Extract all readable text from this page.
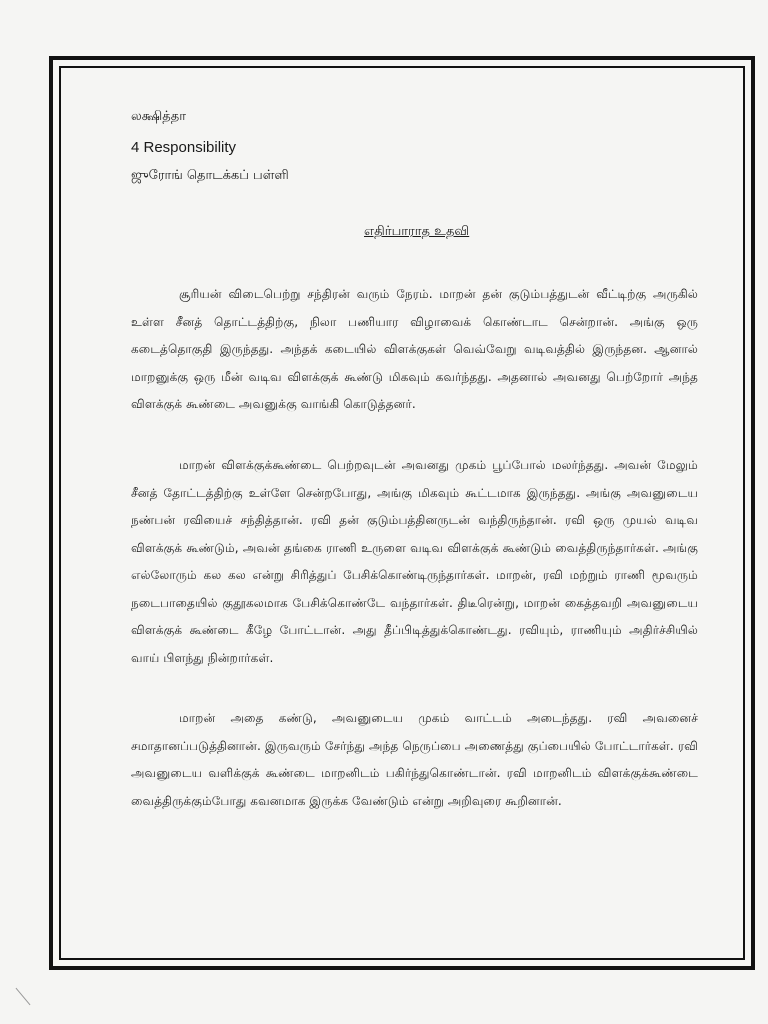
லக்ஷித்தா
4 Responsibility
ஜுரோங் தொடக்கப் பள்ளி
எதிர்பாராத உதவி

சூரியன் விடைபெற்று சந்திரன் வரும் நேரம். மாறன் தன் குடும்பத்துடன் வீட்டிற்கு அருகில் உள்ள சீனத் தொட்டத்திற்கு, நிலா பணியார விழாவைக் கொண்டாட சென்றான். அங்கு ஒரு கடைத்தொகுதி இருந்தது. அந்தக் கடையில் விளக்குகள் வெவ்வேறு வடிவத்தில் இருந்தன. ஆனால் மாறனுக்கு ஒரு மீன் வடிவ விளக்குக் கூண்டு மிகவும் கவர்ந்தது. அதனால் அவனது பெற்றோர் அந்த விளக்குக் கூண்டை அவனுக்கு வாங்கி கொடுத்தனர்.

மாறன் விளக்குக்கூண்டை பெற்றவுடன் அவனது முகம் பூப்போல் மலர்ந்தது. அவன் மேலும் சீனத் தோட்டத்திற்கு உள்ளே சென்றபோது, அங்கு மிகவும் கூட்டமாக இருந்தது. அங்கு அவனுடைய நண்பன் ரவியைச் சந்தித்தான். ரவி தன் குடும்பத்தினருடன் வந்திருந்தான். ரவி ஒரு முயல் வடிவ விளக்குக் கூண்டும், அவன் தங்கை ராணி உருளை வடிவ விளக்குக் கூண்டும் வைத்திருந்தார்கள். அங்கு எல்லோரும் கல கல என்று சிரித்துப் பேசிக்கொண்டிருந்தார்கள். மாறன், ரவி மற்றும் ராணி மூவரும் நடைபாதையில் குதூகலமாக பேசிக்கொண்டே வந்தார்கள். திடீரென்று, மாறன் கைத்தவறி அவனுடைய விளக்குக் கூண்டை கீழே போட்டான். அது தீப்பிடித்துக்கொண்டது. ரவியும், ராணியும் அதிர்ச்சியில் வாய் பிளந்து நின்றார்கள்.

மாறன் அதை கண்டு, அவனுடைய முகம் வாட்டம் அடைந்தது. ரவி அவனைச் சமாதானப்படுத்தினான். இருவரும் சேர்ந்து அந்த நெருப்பை அணைத்து குப்பையில் போட்டார்கள். ரவி அவனுடைய வளிக்குக் கூண்டை மாறனிடம் பகிர்ந்துகொண்டான். ரவி மாறனிடம் விளக்குக்கூண்டை வைத்திருக்கும்போது கவனமாக இருக்க வேண்டும் என்று அறிவுரை கூறினான்.
